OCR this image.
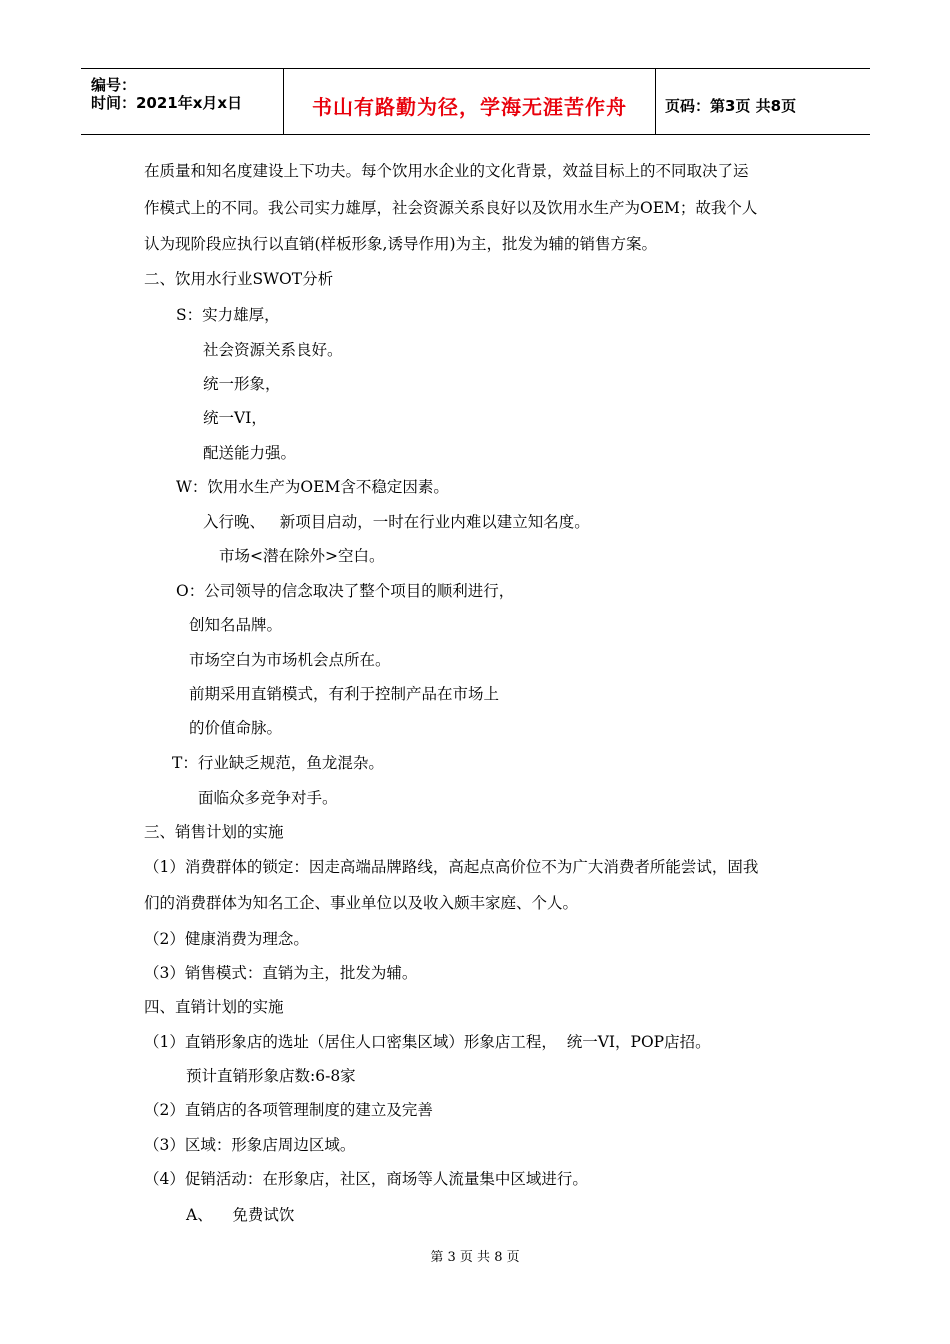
编号：
时间：2021年x月x日	书山有路勤为径，学海无涯苦作舟	页码：第3页 共8页
在质量和知名度建设上下功夫。每个饮用水企业的文化背景，效益目标上的不同取决了运
作模式上的不同。我公司实力雄厚，社会资源关系良好以及饮用水生产为OEM；故我个人
认为现阶段应执行以直销(样板形象,诱导作用)为主，批发为辅的销售方案。
二、饮用水行业SWOT分析
S：实力雄厚，
社会资源关系良好。
统一形象，
统一VI，
配送能力强。
W：饮用水生产为OEM含不稳定因素。
入行晚、   新项目启动，一时在行业内难以建立知名度。
市场<潜在除外>空白。
O：公司领导的信念取决了整个项目的顺利进行，
创知名品牌。
市场空白为市场机会点所在。
前期采用直销模式，有利于控制产品在市场上
的价值命脉。
T：行业缺乏规范，鱼龙混杂。
面临众多竞争对手。
三、销售计划的实施
（1）消费群体的锁定：因走高端品牌路线，高起点高价位不为广大消费者所能尝试，固我
们的消费群体为知名工企、事业单位以及收入颇丰家庭、个人。
（2）健康消费为理念。
（3）销售模式：直销为主，批发为辅。
四、直销计划的实施
（1）直销形象店的选址（居住人口密集区域）形象店工程，  统一VI，POP店招。
预计直销形象店数:6-8家
（2）直销店的各项管理制度的建立及完善
（3）区域：形象店周边区域。
（4）促销活动：在形象店，社区，商场等人流量集中区域进行。
A、    免费试饮
第 3 页 共 8 页
